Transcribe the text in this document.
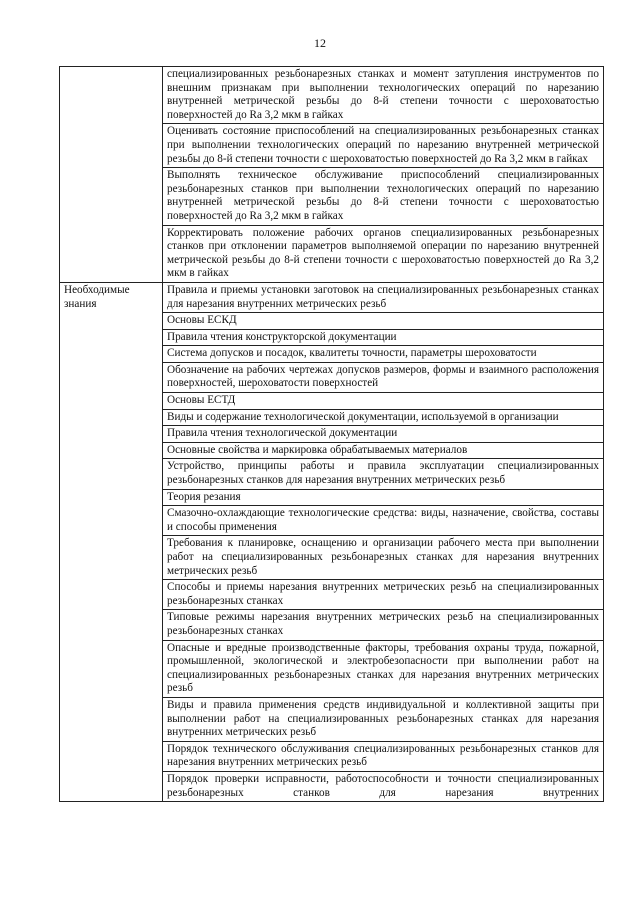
12
	специализированных резьбонарезных станках и момент затупления инструментов по внешним признакам при выполнении технологических операций по нарезанию внутренней метрической резьбы до 8-й степени точности с шероховатостью поверхностей до Ra 3,2 мкм в гайках
	Оценивать состояние приспособлений на специализированных резьбонарезных станках при выполнении технологических операций по нарезанию внутренней метрической резьбы до 8-й степени точности с шероховатостью поверхностей до Ra 3,2 мкм в гайках
	Выполнять техническое обслуживание приспособлений специализированных резьбонарезных станков при выполнении технологических операций по нарезанию внутренней метрической резьбы до 8-й степени точности с шероховатостью поверхностей до Ra 3,2 мкм в гайках
	Корректировать положение рабочих органов специализированных резьбонарезных станков при отклонении параметров выполняемой операции по нарезанию внутренней метрической резьбы до 8-й степени точности с шероховатостью поверхностей до Ra 3,2 мкм в гайках
Необходимые знания	Правила и приемы установки заготовок на специализированных резьбонарезных станках для нарезания внутренних метрических резьб
	Основы ЕСКД
	Правила чтения конструкторской документации
	Система допусков и посадок, квалитеты точности, параметры шероховатости
	Обозначение на рабочих чертежах допусков размеров, формы и взаимного расположения поверхностей, шероховатости поверхностей
	Основы ЕСТД
	Виды и содержание технологической документации, используемой в организации
	Правила чтения технологической документации
	Основные свойства и маркировка обрабатываемых материалов
	Устройство, принципы работы и правила эксплуатации специализированных резьбонарезных станков для нарезания внутренних метрических резьб
	Теория резания
	Смазочно-охлаждающие технологические средства: виды, назначение, свойства, составы и способы применения
	Требования к планировке, оснащению и организации рабочего места при выполнении работ на специализированных резьбонарезных станках для нарезания внутренних метрических резьб
	Способы и приемы нарезания внутренних метрических резьб на специализированных резьбонарезных станках
	Типовые режимы нарезания внутренних метрических резьб на специализированных резьбонарезных станках
	Опасные и вредные производственные факторы, требования охраны труда, пожарной, промышленной, экологической и электробезопасности при выполнении работ на специализированных резьбонарезных станках для нарезания внутренних метрических резьб
	Виды и правила применения средств индивидуальной и коллективной защиты при выполнении работ на специализированных резьбонарезных станках для нарезания внутренних метрических резьб
	Порядок технического обслуживания специализированных резьбонарезных станков для нарезания внутренних метрических резьб
	Порядок проверки исправности, работоспособности и точности специализированных резьбонарезных станков для нарезания внутренних
